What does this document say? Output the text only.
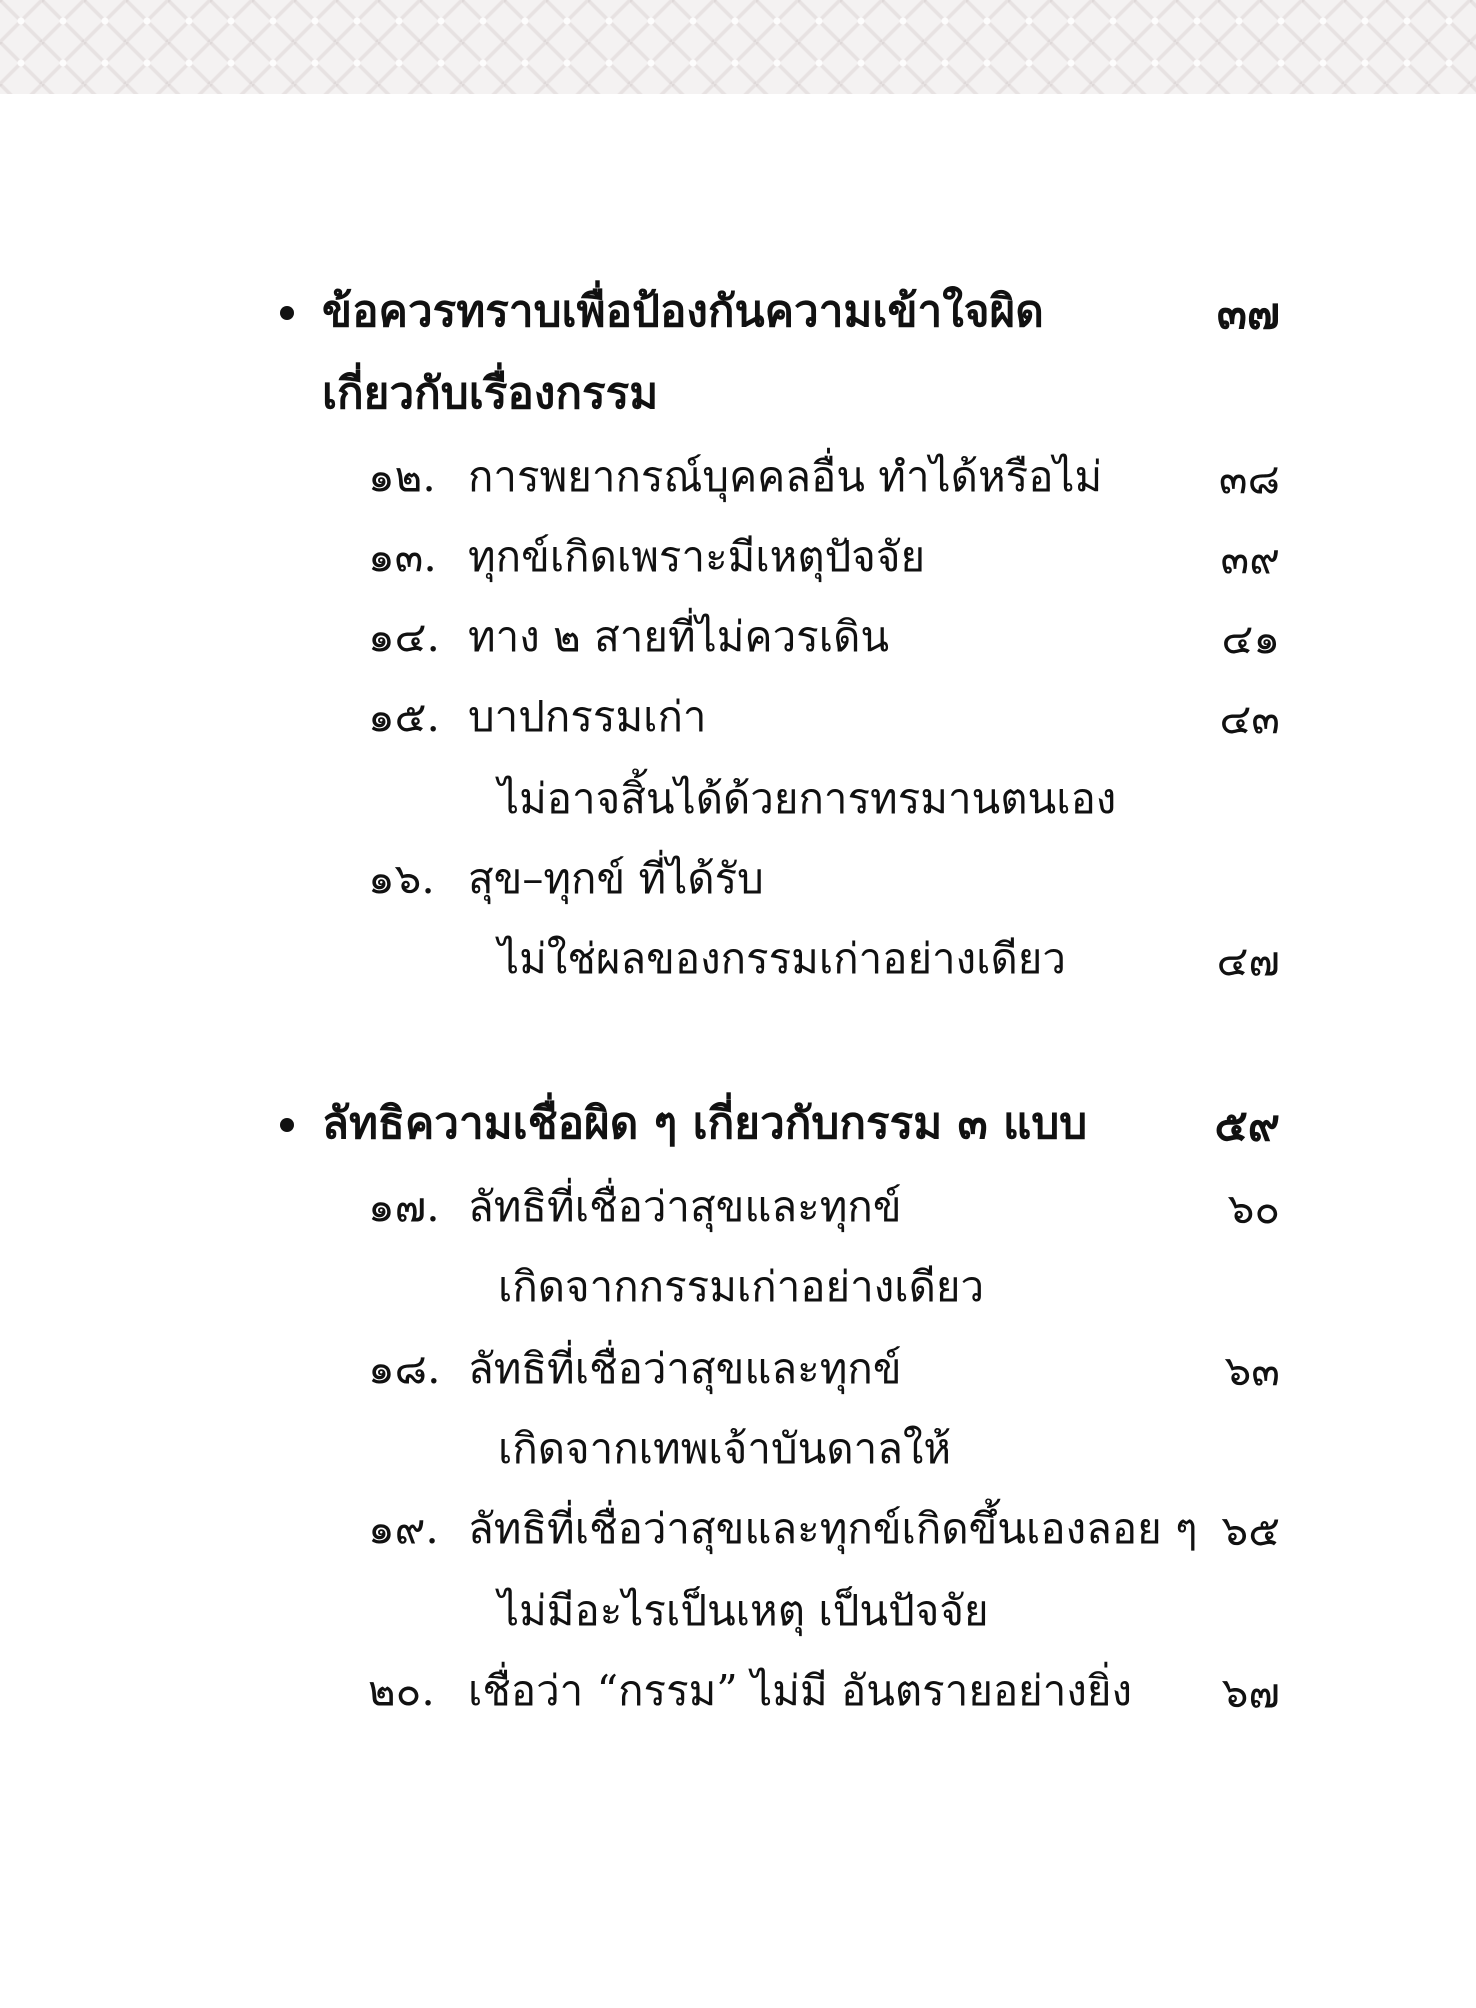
ข้อควรทราบเพื่อป้องกันความเข้าใจผิด	๓๗
เกี่ยวกับเรื่องกรรม
๑๒. การพยากรณ์บุคคลอื่น ทำได้หรือไม่	๓๘
๑๓. ทุกข์เกิดเพราะมีเหตุปัจจัย	๓๙
๑๔. ทาง ๒ สายที่ไม่ควรเดิน	๔๑
๑๕. บาปกรรมเก่า	๔๓
ไม่อาจสิ้นได้ด้วยการทรมานตนเอง
๑๖. สุข–ทุกข์ ที่ได้รับ
ไม่ใช่ผลของกรรมเก่าอย่างเดียว	๔๗
ลัทธิความเชื่อผิด ๆ เกี่ยวกับกรรม ๓ แบบ	๕๙
๑๗. ลัทธิที่เชื่อว่าสุขและทุกข์	๖๐
เกิดจากกรรมเก่าอย่างเดียว
๑๘. ลัทธิที่เชื่อว่าสุขและทุกข์	๖๓
เกิดจากเทพเจ้าบันดาลให้
๑๙. ลัทธิที่เชื่อว่าสุขและทุกข์เกิดขึ้นเองลอย ๆ ๖๕
ไม่มีอะไรเป็นเหตุ เป็นปัจจัย
๒๐. เชื่อว่า “กรรม” ไม่มี อันตรายอย่างยิ่ง	๖๗
